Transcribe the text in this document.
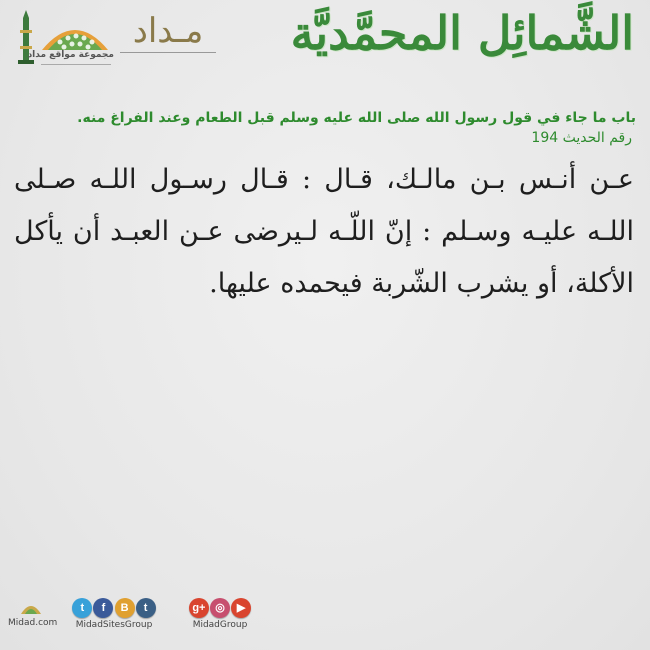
الشَّمائِل المحمَّديَّة
مـداد
مجموعة مواقع مداد
باب ما جاء في قول رسول الله صلى الله عليه وسلم قبل الطعام وعند الفراغ منه.
رقم الحديث 194
عـن أنـس بـن مالـك، قـال : قـال رسـول اللـه صـلى اللـه عليـه وسـلم : إنّ اللّـه لـيرضى عـن العبـد أن يأكل الأكلة، أو يشرب الشّربة فيحمده عليها.
Midad.com
t f B t
MidadSitesGroup
g+ ◎ ▶
MidadGroup
